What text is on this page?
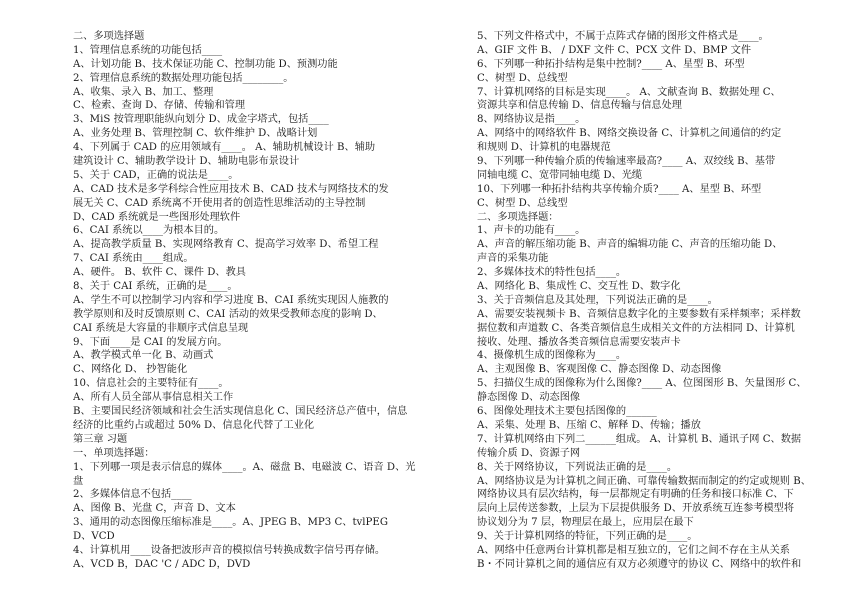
二、多项选择题
1、管理信息系统的功能包括____
A、计划功能 B、技术保证功能 C、控制功能 D、预测功能
2、管理信息系统的数据处理功能包括________。
A、收集、录入 B、加工、整理
C、检索、查询 D、存储、传输和管理
3、MiS 按管理职能纵向划分 D、成金字塔式，包括____
A、业务处理 B、管理控制 C、软件维护 D、战略计划
4、下列属于 CAD 的应用领域有____。 A、辅助机械设计 B、辅助
建筑设计 C、辅助教学设计 D、辅助电影布景设计
5、关于 CAD，正确的说法是____。
A、CAD 技术是多学科综合性应用技术 B、CAD 技术与网络技术的发
展无关 C、CAD 系统离不开使用者的创造性思维活动的主导控制
D、CAD 系统就是一些图形处理软件
6、CAI 系统以____为根本目的。
A、提高教学质量 B、实现网络教育 C、提高学习效率 D、希望工程
7、CAI 系统由____组成。
A、硬件。 B、软件 C、课件 D、教具
8、关于 CAI 系统，正确的是____。
A、学生不可以控制学习内容和学习进度 B、CAI 系统实现因人施教的
教学原则和及时反馈原则 C、CAI 活动的效果受教师态度的影响 D、
CAI 系统是大容量的非顺序式信息呈现
9、下面____是 CAI 的发展方向。
A、教学模式单一化 B、动画式
C、网络化 D、 抄智能化
10、信息社会的主要特征有____。
A、所有人员全部从事信息相关工作
B、主要国民经济领域和社会生活实现信息化 C、国民经济总产值中，信息
经济的比重约占或超过 50% D、信息化代替了工业化
第三章 习题
一、单项选择题：
1、下列哪一项是表示信息的媒体____。A、磁盘 B、电磁波 C、语音 D、光
盘
2、多媒体信息不包括____
A、图像 B、光盘 C，声音 D、文本
3、通用的动态图像压缩标准是____。A、JPEG B、MP3 C、tvlPEG
D、VCD
4、计算机用____设备把波形声音的模拟信号转换成数字信号再存储。
A、VCD B，DAC 'C / ADC D，DVD
5、下列文件格式中，不属于点阵式存储的图形文件格式是____。
A、GIF 文件 B、 / DXF 文件 C、PCX 文件 D、BMP 文件
6、下列哪一种拓扑结构是集中控制?____ A、星型 B、环型
C、树型 D、总线型
7、计算机网络的目标是实现____。 A、文献查询 B、数据处理 C、
资源共享和信息传输 D、信息传输与信息处理
8、网络协议是指____。
A、网络中的网络软件 B、网络交换设备 C、计算机之间通信的约定
和规则 D、计算机的电器规范
9、下列哪一种传输介质的传输速率最高?____ A、双绞线 B、基带
同轴电缆 C、宽带同轴电缆 D、光缆
10、下列哪一种拓扑结构共享传输介质?____ A、星型 B、环型
C、树型 D、总线型
二、多项选择题：
1、声卡的功能有____。
A、声音的解压缩功能 B、声音的编辑功能 C、声音的压缩功能 D、
声音的采集功能
2、多媒体技术的特性包括____。
A、网络化 B、集成性 C、交互性 D、数字化
3、关于音频信息及其处理，下列说法正确的是____。
A、需要安装视频卡 B、音频信息数字化的主要参数有采样频率；采样数
据位数和声道数 C、各类音频信息生成相关文件的方法相同 D、计算机
接收、处理、播放各类音频信息需要安装声卡
4、摄像机生成的图像称为____。
A、主观图像 B、客观图像 C、静态图像 D、动态图像
5、扫描仪生成的图像称为什么图像?____ A、位图图形 B、矢量图形 C、
静态图像 D、动态图像
6、图像处理技术主要包括图像的______
A、采集、处理 B、压缩 C、解释 D、传输；播放
7、计算机网络由下列二______组成。 A、计算机 B、通讯子网 C、数据
传输介质 D、资源子网
8、关于网络协议，下列说法正确的是____。
A、网络协议是为计算机之间正确、可靠传输数据而制定的约定或规则 B、
网络协议具有层次结构，每一层都规定有明确的任务和接口标准 C、下
层向上层传送参数，上层为下层提供服务 D、开放系统互连参考模型将
协议划分为 7 层，物理层在最上，应用层在最下
9、关于计算机网络的特征，下列正确的是____。
A、网络中任意两台计算机都是相互独立的，它们之间不存在主从关系
B・不同计算机之间的通信应有双方必须遵守的协议 C、网络中的软件和
